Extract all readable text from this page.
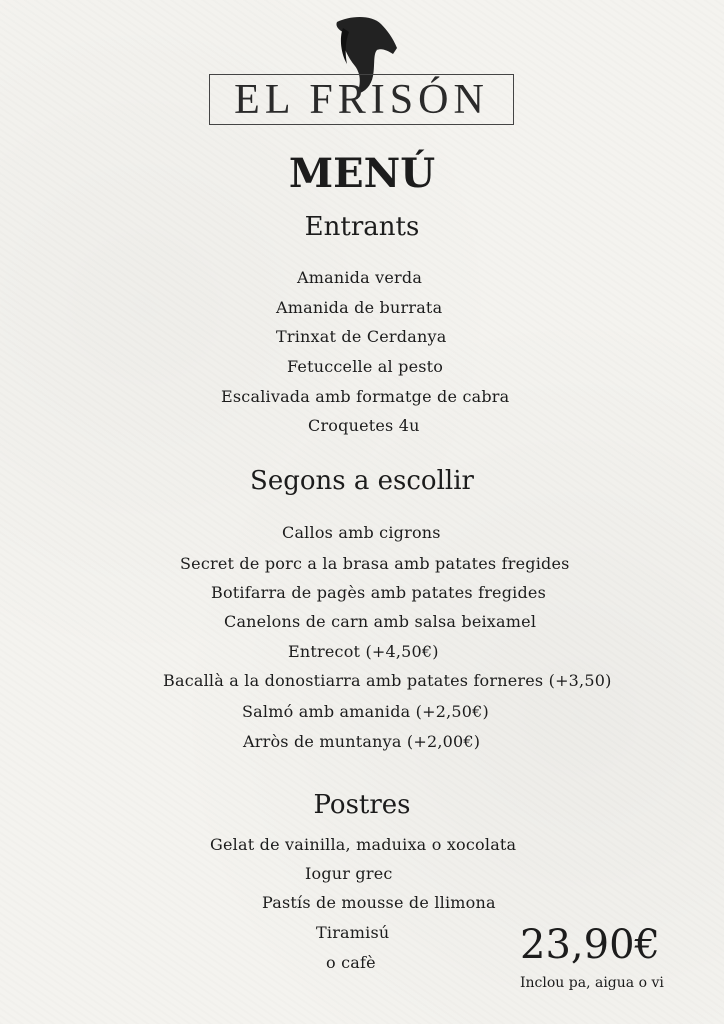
EL FRISÓN
MENÚ
Entrants
Amanida verda
Amanida de burrata
Trinxat de Cerdanya
Fetuccelle al pesto
Escalivada amb formatge de cabra
Croquetes 4u
Segons a escollir
Callos amb cigrons
Secret de porc a la brasa amb patates fregides
Botifarra de pagès amb patates fregides
Canelons de carn amb salsa beixamel
Entrecot (+4,50€)
Bacallà a la donostiarra amb patates forneres (+3,50)
Salmó amb amanida (+2,50€)
Arròs de muntanya (+2,00€)
Postres
Gelat de vainilla, maduixa o xocolata
Iogur grec
Pastís de mousse de llimona
Tiramisú
o cafè	23,90€
Inclou pa, aigua o vi
